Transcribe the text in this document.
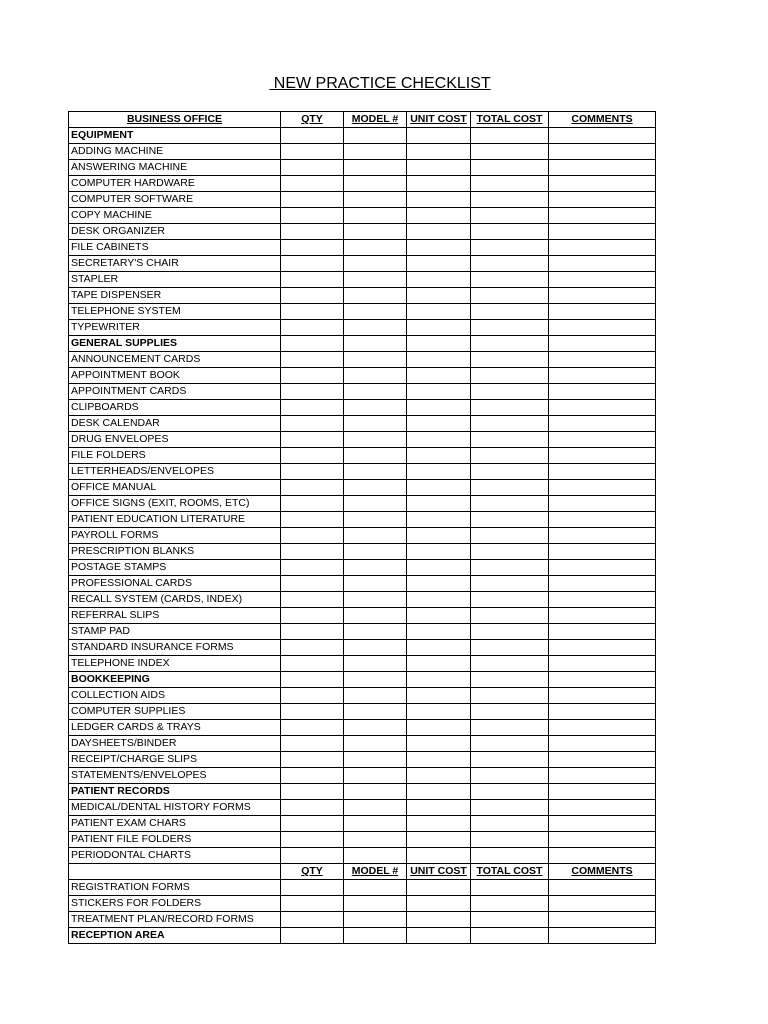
NEW PRACTICE CHECKLIST
BUSINESS OFFICE	QTY	MODEL #	UNIT COST	TOTAL COST	COMMENTS
EQUIPMENT					
ADDING MACHINE					
ANSWERING MACHINE					
COMPUTER HARDWARE					
COMPUTER SOFTWARE					
COPY MACHINE					
DESK ORGANIZER					
FILE CABINETS					
SECRETARY'S CHAIR					
STAPLER					
TAPE DISPENSER					
TELEPHONE SYSTEM					
TYPEWRITER					
GENERAL SUPPLIES					
ANNOUNCEMENT CARDS					
APPOINTMENT BOOK					
APPOINTMENT CARDS					
CLIPBOARDS					
DESK CALENDAR					
DRUG ENVELOPES					
FILE FOLDERS					
LETTERHEADS/ENVELOPES					
OFFICE MANUAL					
OFFICE SIGNS (EXIT, ROOMS, ETC)					
PATIENT EDUCATION LITERATURE					
PAYROLL FORMS					
PRESCRIPTION BLANKS					
POSTAGE STAMPS					
PROFESSIONAL CARDS					
RECALL SYSTEM (CARDS, INDEX)					
REFERRAL SLIPS					
STAMP PAD					
STANDARD INSURANCE FORMS					
TELEPHONE INDEX					
BOOKKEEPING					
COLLECTION AIDS					
COMPUTER SUPPLIES					
LEDGER CARDS & TRAYS					
DAYSHEETS/BINDER					
RECEIPT/CHARGE SLIPS					
STATEMENTS/ENVELOPES					
PATIENT RECORDS					
MEDICAL/DENTAL HISTORY FORMS					
PATIENT EXAM CHARS					
PATIENT FILE FOLDERS					
PERIODONTAL CHARTS					
	QTY	MODEL #	UNIT COST	TOTAL COST	COMMENTS
REGISTRATION FORMS					
STICKERS FOR FOLDERS					
TREATMENT PLAN/RECORD FORMS					
RECEPTION AREA					
